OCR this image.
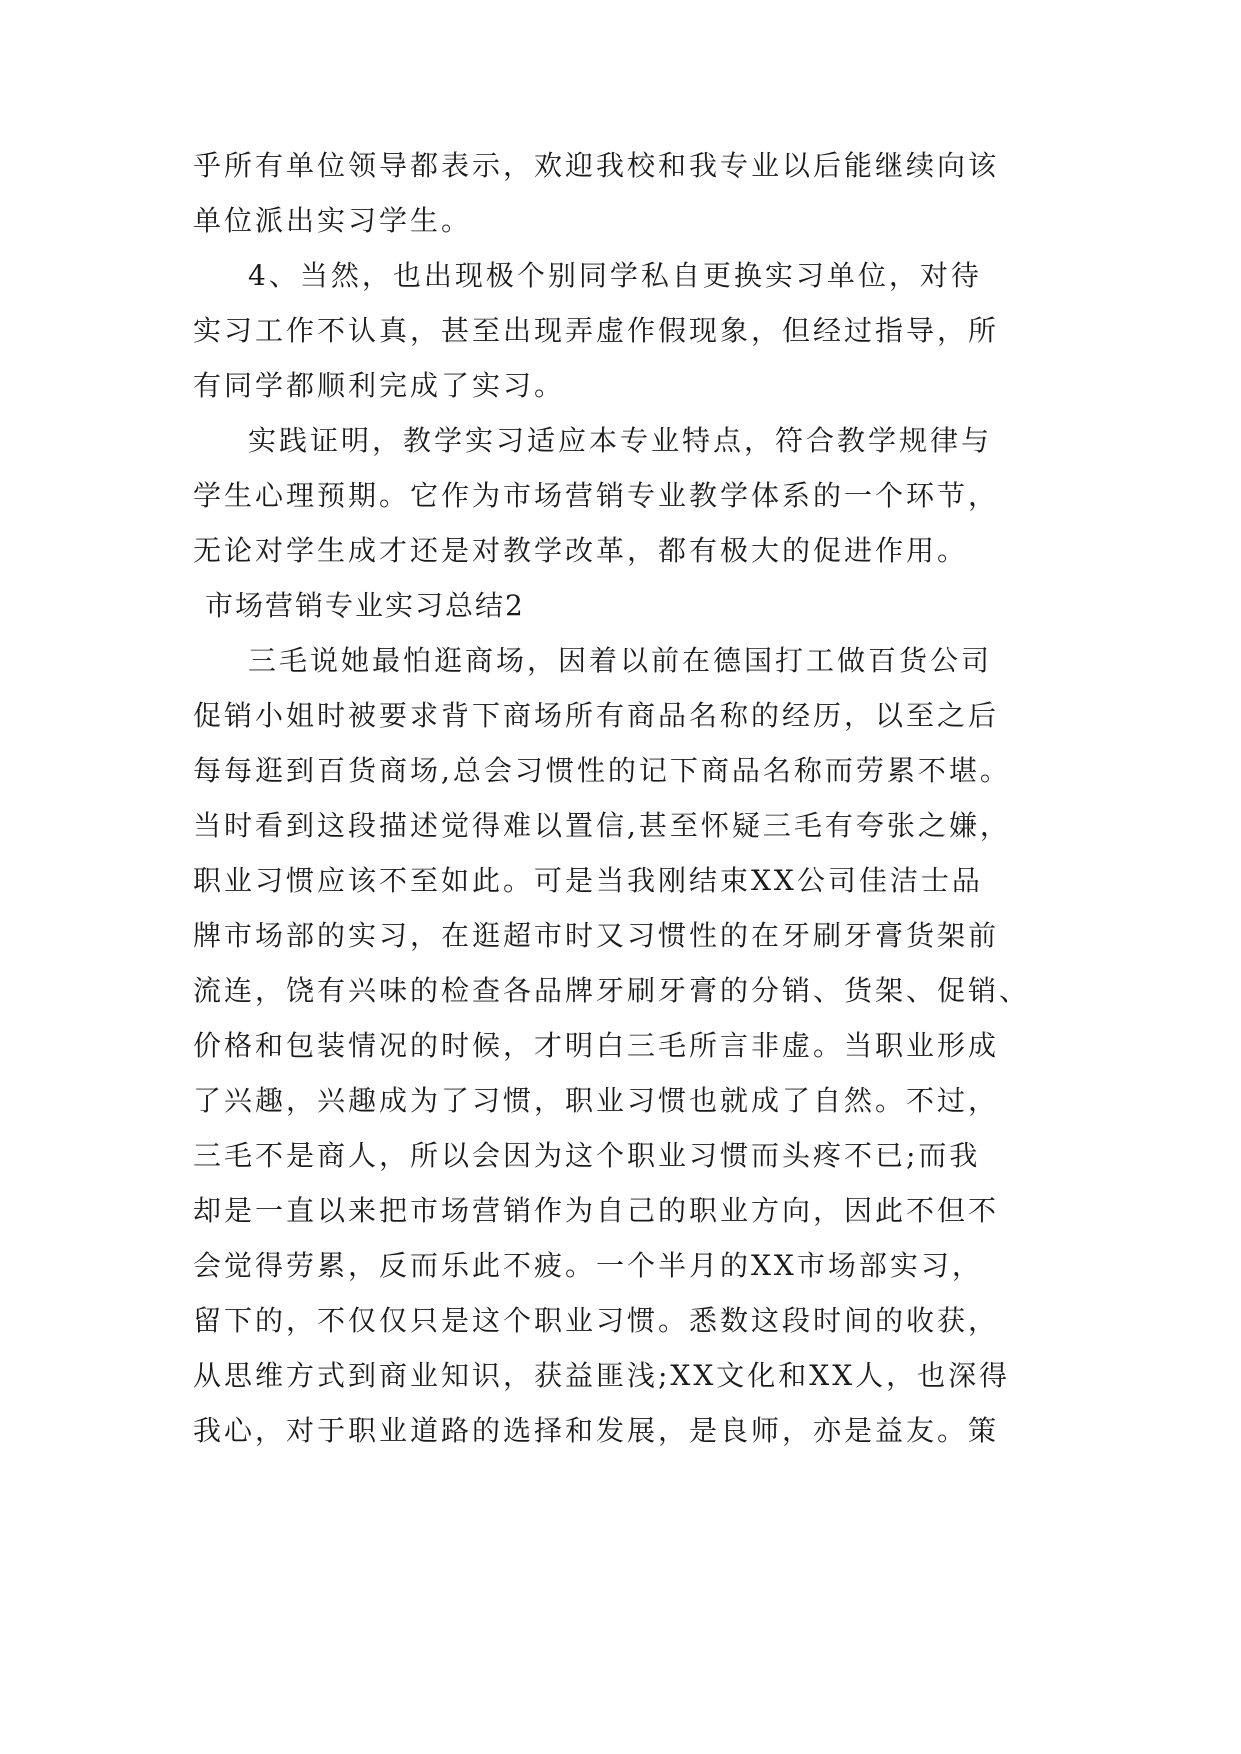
乎所有单位领导都表示，欢迎我校和我专业以后能继续向该
单位派出实习学生。
4、当然，也出现极个别同学私自更换实习单位，对待
实习工作不认真，甚至出现弄虚作假现象，但经过指导，所
有同学都顺利完成了实习。
实践证明，教学实习适应本专业特点，符合教学规律与
学生心理预期。它作为市场营销专业教学体系的一个环节，
无论对学生成才还是对教学改革，都有极大的促进作用。
市场营销专业实习总结2
三毛说她最怕逛商场，因着以前在德国打工做百货公司
促销小姐时被要求背下商场所有商品名称的经历，以至之后
每每逛到百货商场,总会习惯性的记下商品名称而劳累不堪。
当时看到这段描述觉得难以置信,甚至怀疑三毛有夸张之嫌，
职业习惯应该不至如此。可是当我刚结束XX公司佳洁士品
牌市场部的实习，在逛超市时又习惯性的在牙刷牙膏货架前
流连，饶有兴味的检查各品牌牙刷牙膏的分销、货架、促销、
价格和包装情况的时候，才明白三毛所言非虚。当职业形成
了兴趣，兴趣成为了习惯，职业习惯也就成了自然。不过，
三毛不是商人，所以会因为这个职业习惯而头疼不已;而我
却是一直以来把市场营销作为自己的职业方向，因此不但不
会觉得劳累，反而乐此不疲。一个半月的XX市场部实习，
留下的，不仅仅只是这个职业习惯。悉数这段时间的收获，
从思维方式到商业知识，获益匪浅;XX文化和XX人，也深得
我心，对于职业道路的选择和发展，是良师，亦是益友。策
